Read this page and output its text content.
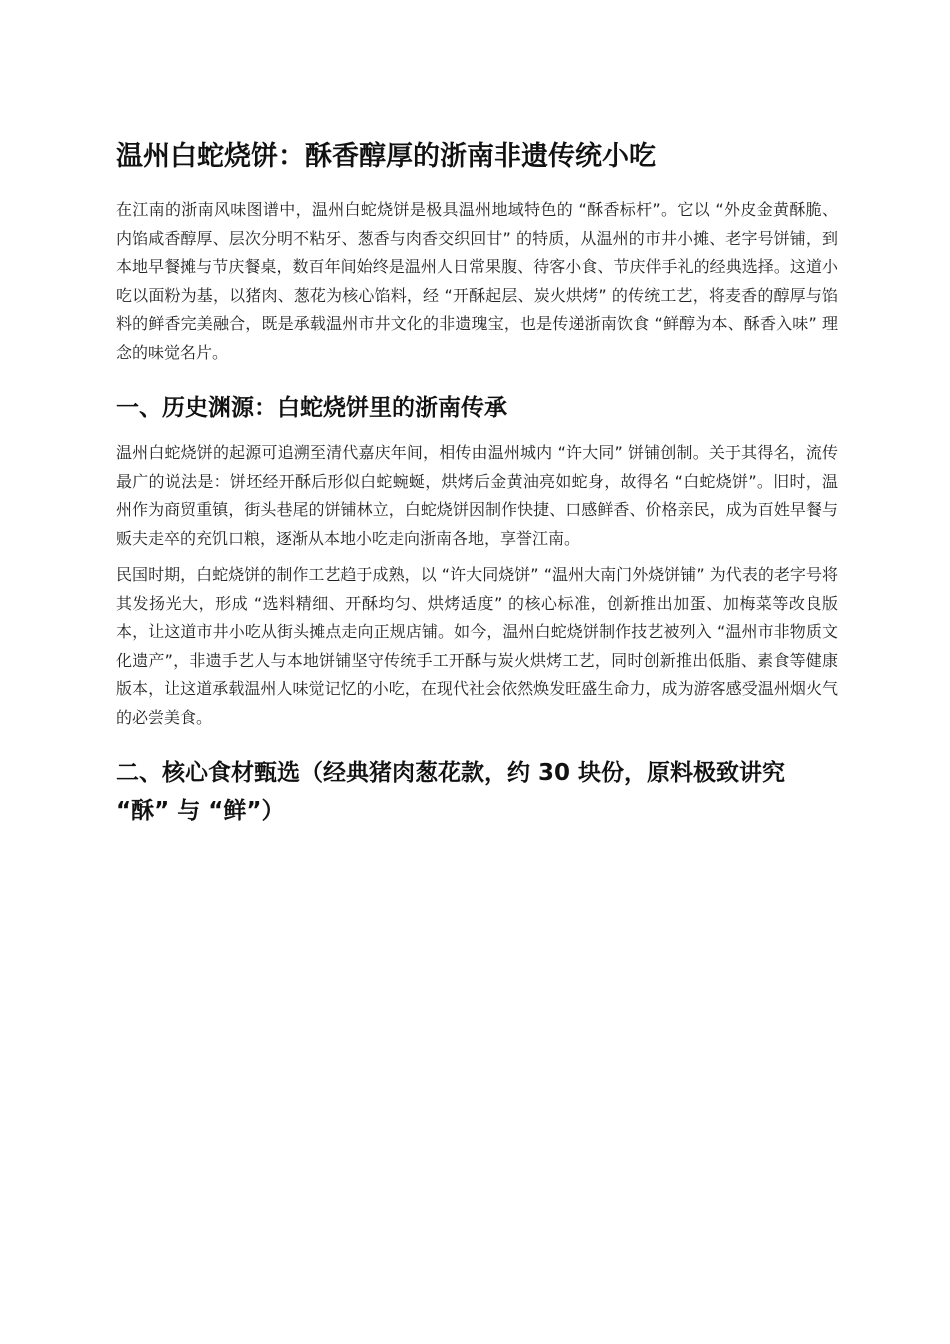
温州白蛇烧饼：酥香醇厚的浙南非遗传统小吃

在江南的浙南风味图谱中，温州白蛇烧饼是极具温州地域特色的 “酥香标杆”。它以 “外皮金黄酥脆、内馅咸香醇厚、层次分明不粘牙、葱香与肉香交织回甘” 的特质，从温州的市井小摊、老字号饼铺，到本地早餐摊与节庆餐桌，数百年间始终是温州人日常果腹、待客小食、节庆伴手礼的经典选择。这道小吃以面粉为基，以猪肉、葱花为核心馅料，经 “开酥起层、炭火烘烤” 的传统工艺，将麦香的醇厚与馅料的鲜香完美融合，既是承载温州市井文化的非遗瑰宝，也是传递浙南饮食 “鲜醇为本、酥香入味” 理念的味觉名片。

一、历史渊源：白蛇烧饼里的浙南传承

温州白蛇烧饼的起源可追溯至清代嘉庆年间，相传由温州城内 “许大同” 饼铺创制。关于其得名，流传最广的说法是：饼坯经开酥后形似白蛇蜿蜒，烘烤后金黄油亮如蛇身，故得名 “白蛇烧饼”。旧时，温州作为商贸重镇，街头巷尾的饼铺林立，白蛇烧饼因制作快捷、口感鲜香、价格亲民，成为百姓早餐与贩夫走卒的充饥口粮，逐渐从本地小吃走向浙南各地，享誉江南。

民国时期，白蛇烧饼的制作工艺趋于成熟，以 “许大同烧饼” “温州大南门外烧饼铺” 为代表的老字号将其发扬光大，形成 “选料精细、开酥均匀、烘烤适度” 的核心标准，创新推出加蛋、加梅菜等改良版本，让这道市井小吃从街头摊点走向正规店铺。如今，温州白蛇烧饼制作技艺被列入 “温州市非物质文化遗产”，非遗手艺人与本地饼铺坚守传统手工开酥与炭火烘烤工艺，同时创新推出低脂、素食等健康版本，让这道承载温州人味觉记忆的小吃，在现代社会依然焕发旺盛生命力，成为游客感受温州烟火气的必尝美食。

二、核心食材甄选（经典猪肉葱花款，约 30 块份，原料极致讲究 “酥” 与 “鲜”）
